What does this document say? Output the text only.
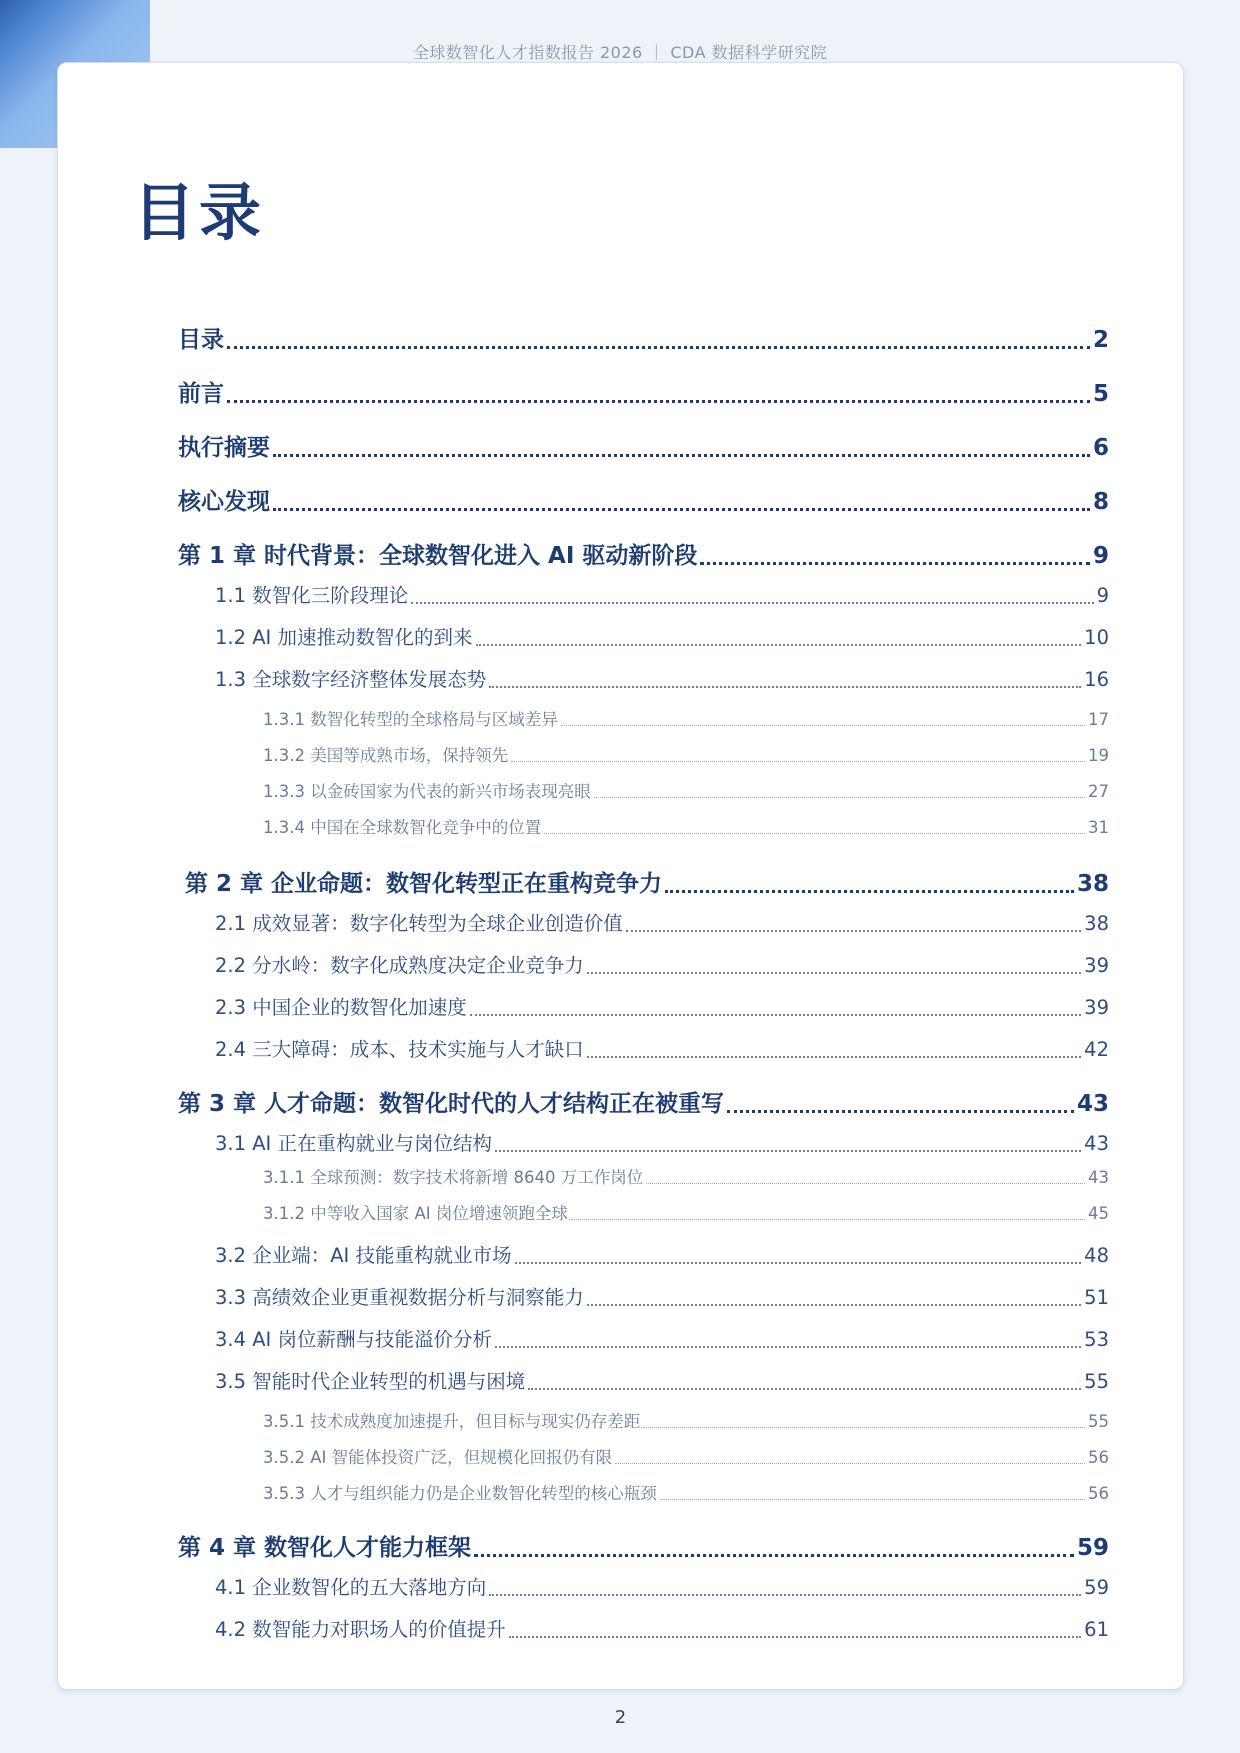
全球数智化人才指数报告 2026 ｜ CDA 数据科学研究院
目录
目录	2
前言	5
执行摘要	6
核心发现	8
第 1 章 时代背景：全球数智化进入 AI 驱动新阶段	9
1.1 数智化三阶段理论	9
1.2 AI 加速推动数智化的到来	10
1.3 全球数字经济整体发展态势	16
1.3.1 数智化转型的全球格局与区域差异	17
1.3.2 美国等成熟市场，保持领先	19
1.3.3 以金砖国家为代表的新兴市场表现亮眼	27
1.3.4 中国在全球数智化竞争中的位置	31
第 2 章 企业命题：数智化转型正在重构竞争力	38
2.1 成效显著：数字化转型为全球企业创造价值	38
2.2 分水岭：数字化成熟度决定企业竞争力	39
2.3 中国企业的数智化加速度	39
2.4 三大障碍：成本、技术实施与人才缺口	42
第 3 章 人才命题：数智化时代的人才结构正在被重写	43
3.1 AI 正在重构就业与岗位结构	43
3.1.1 全球预测：数字技术将新增 8640 万工作岗位	43
3.1.2 中等收入国家 AI 岗位增速领跑全球	45
3.2 企业端：AI 技能重构就业市场	48
3.3 高绩效企业更重视数据分析与洞察能力	51
3.4 AI 岗位薪酬与技能溢价分析	53
3.5 智能时代企业转型的机遇与困境	55
3.5.1 技术成熟度加速提升，但目标与现实仍存差距	55
3.5.2 AI 智能体投资广泛，但规模化回报仍有限	56
3.5.3 人才与组织能力仍是企业数智化转型的核心瓶颈	56
第 4 章 数智化人才能力框架	59
4.1 企业数智化的五大落地方向	59
4.2 数智能力对职场人的价值提升	61
2
